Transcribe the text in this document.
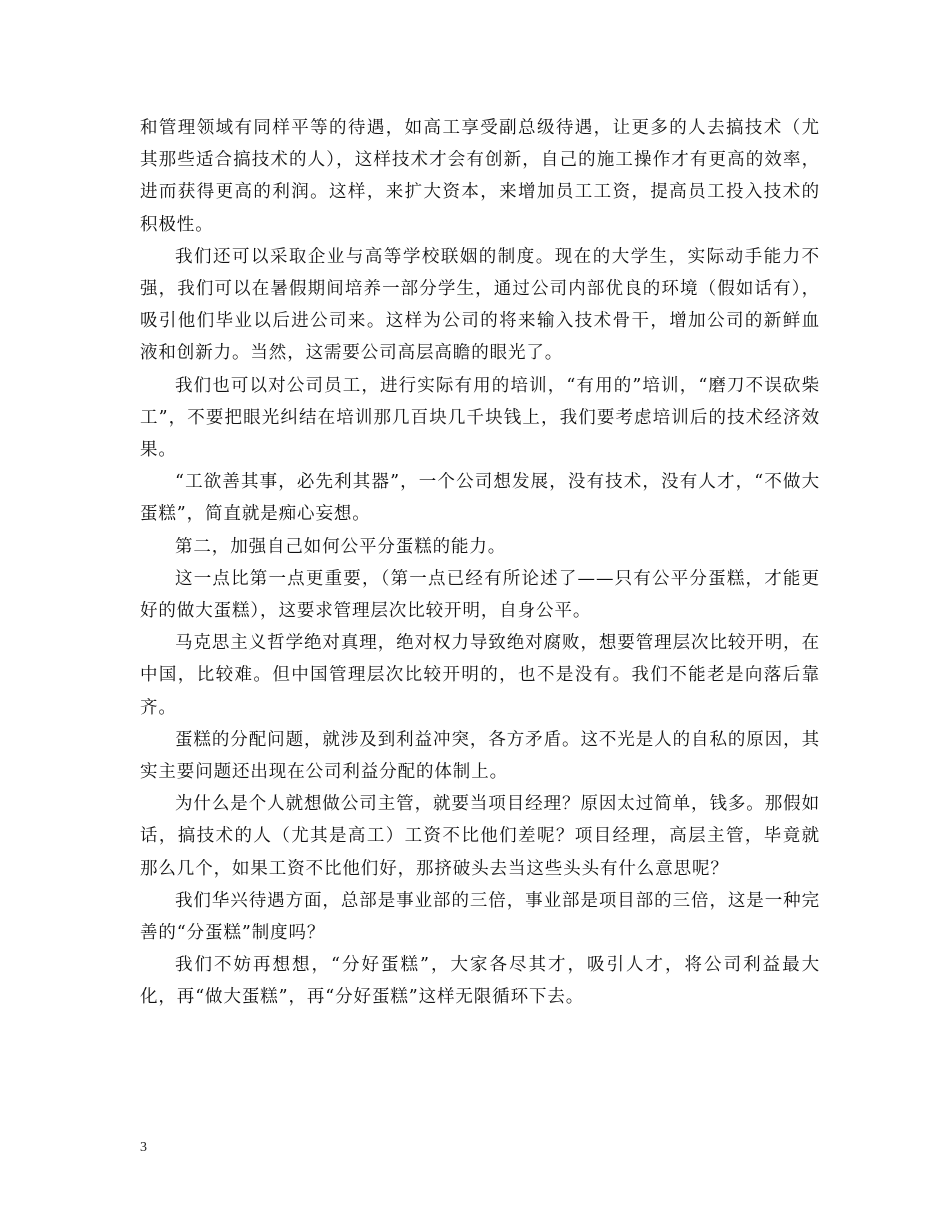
和管理领域有同样平等的待遇，如高工享受副总级待遇，让更多的人去搞技术（尤其那些适合搞技术的人），这样技术才会有创新，自己的施工操作才有更高的效率，进而获得更高的利润。这样，来扩大资本，来增加员工工资，提高员工投入技术的积极性。

我们还可以采取企业与高等学校联姻的制度。现在的大学生，实际动手能力不强，我们可以在暑假期间培养一部分学生，通过公司内部优良的环境（假如话有），吸引他们毕业以后进公司来。这样为公司的将来输入技术骨干，增加公司的新鲜血液和创新力。当然，这需要公司高层高瞻的眼光了。

我们也可以对公司员工，进行实际有用的培训，“有用的”培训，“磨刀不误砍柴工”，不要把眼光纠结在培训那几百块几千块钱上，我们要考虑培训后的技术经济效果。

“工欲善其事，必先利其器”，一个公司想发展，没有技术，没有人才，“不做大蛋糕”，简直就是痴心妄想。

第二，加强自己如何公平分蛋糕的能力。

这一点比第一点更重要，（第一点已经有所论述了——只有公平分蛋糕，才能更好的做大蛋糕），这要求管理层次比较开明，自身公平。

马克思主义哲学绝对真理，绝对权力导致绝对腐败，想要管理层次比较开明，在中国，比较难。但中国管理层次比较开明的，也不是没有。我们不能老是向落后靠齐。

蛋糕的分配问题，就涉及到利益冲突，各方矛盾。这不光是人的自私的原因，其实主要问题还出现在公司利益分配的体制上。

为什么是个人就想做公司主管，就要当项目经理？原因太过简单，钱多。那假如话，搞技术的人（尤其是高工）工资不比他们差呢？项目经理，高层主管，毕竟就那么几个，如果工资不比他们好，那挤破头去当这些头头有什么意思呢？

我们华兴待遇方面，总部是事业部的三倍，事业部是项目部的三倍，这是一种完善的“分蛋糕”制度吗？

我们不妨再想想，“分好蛋糕”，大家各尽其才，吸引人才，将公司利益最大化，再“做大蛋糕”，再“分好蛋糕”这样无限循环下去。

3
